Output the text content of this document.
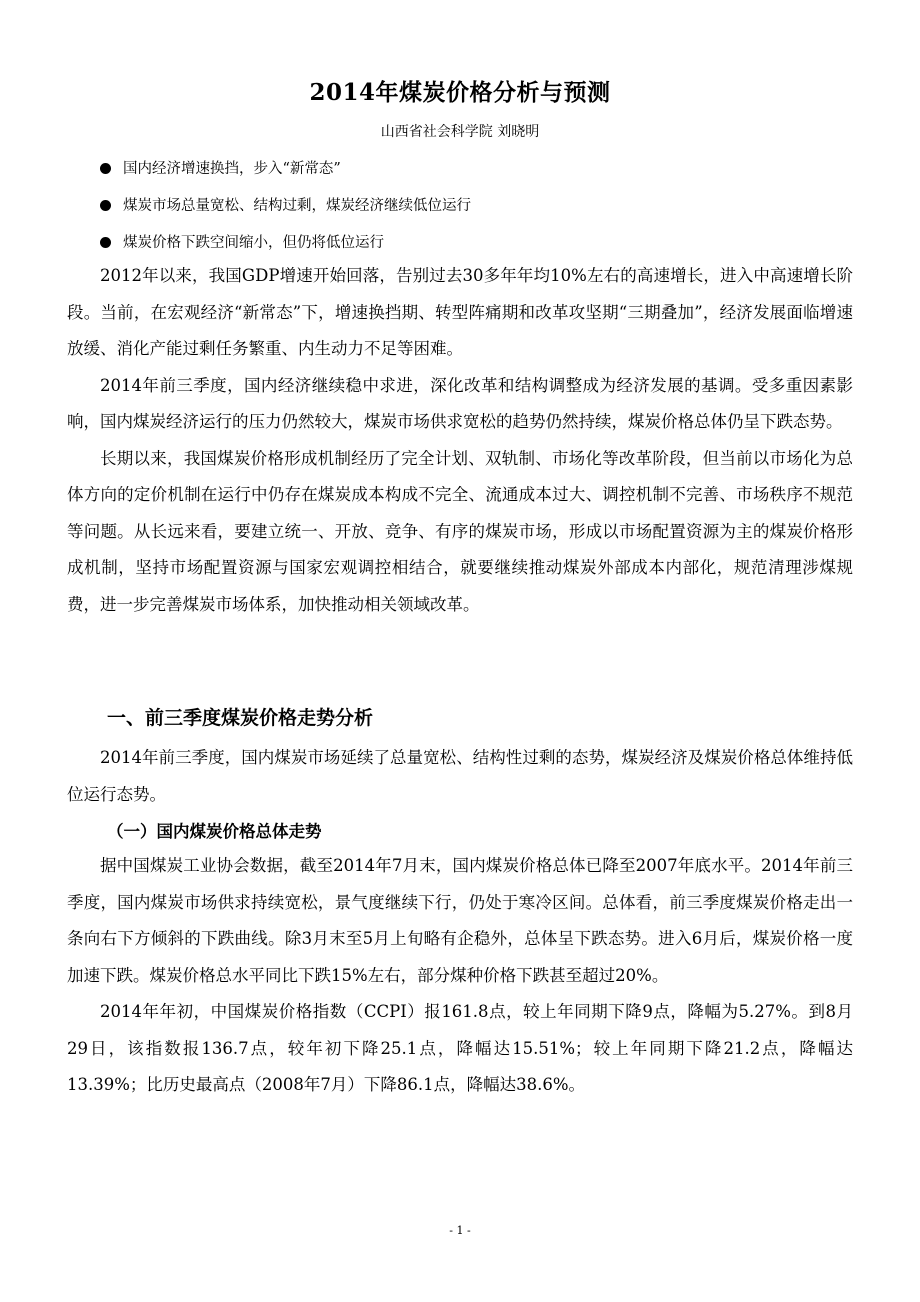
2014年煤炭价格分析与预测
山西省社会科学院 刘晓明
国内经济增速换挡，步入“新常态”
煤炭市场总量宽松、结构过剩，煤炭经济继续低位运行
煤炭价格下跌空间缩小，但仍将低位运行

2012年以来，我国GDP增速开始回落，告别过去30多年年均10%左右的高速增长，进入中高速增长阶段。当前，在宏观经济“新常态”下，增速换挡期、转型阵痛期和改革攻坚期“三期叠加”，经济发展面临增速放缓、消化产能过剩任务繁重、内生动力不足等困难。

2014年前三季度，国内经济继续稳中求进，深化改革和结构调整成为经济发展的基调。受多重因素影响，国内煤炭经济运行的压力仍然较大，煤炭市场供求宽松的趋势仍然持续，煤炭价格总体仍呈下跌态势。

长期以来，我国煤炭价格形成机制经历了完全计划、双轨制、市场化等改革阶段，但当前以市场化为总体方向的定价机制在运行中仍存在煤炭成本构成不完全、流通成本过大、调控机制不完善、市场秩序不规范等问题。从长远来看，要建立统一、开放、竞争、有序的煤炭市场，形成以市场配置资源为主的煤炭价格形成机制，坚持市场配置资源与国家宏观调控相结合，就要继续推动煤炭外部成本内部化，规范清理涉煤规费，进一步完善煤炭市场体系，加快推动相关领域改革。

一、前三季度煤炭价格走势分析

2014年前三季度，国内煤炭市场延续了总量宽松、结构性过剩的态势，煤炭经济及煤炭价格总体维持低位运行态势。

（一）国内煤炭价格总体走势

据中国煤炭工业协会数据，截至2014年7月末，国内煤炭价格总体已降至2007年底水平。2014年前三季度，国内煤炭市场供求持续宽松，景气度继续下行，仍处于寒冷区间。总体看，前三季度煤炭价格走出一条向右下方倾斜的下跌曲线。除3月末至5月上旬略有企稳外，总体呈下跌态势。进入6月后，煤炭价格一度加速下跌。煤炭价格总水平同比下跌15%左右，部分煤种价格下跌甚至超过20%。

2014年年初，中国煤炭价格指数（CCPI）报161.8点，较上年同期下降9点，降幅为5.27%。到8月29日，该指数报136.7点，较年初下降25.1点，降幅达15.51%；较上年同期下降21.2点，降幅达13.39%；比历史最高点（2008年7月）下降86.1点，降幅达38.6%。

- 1 -
